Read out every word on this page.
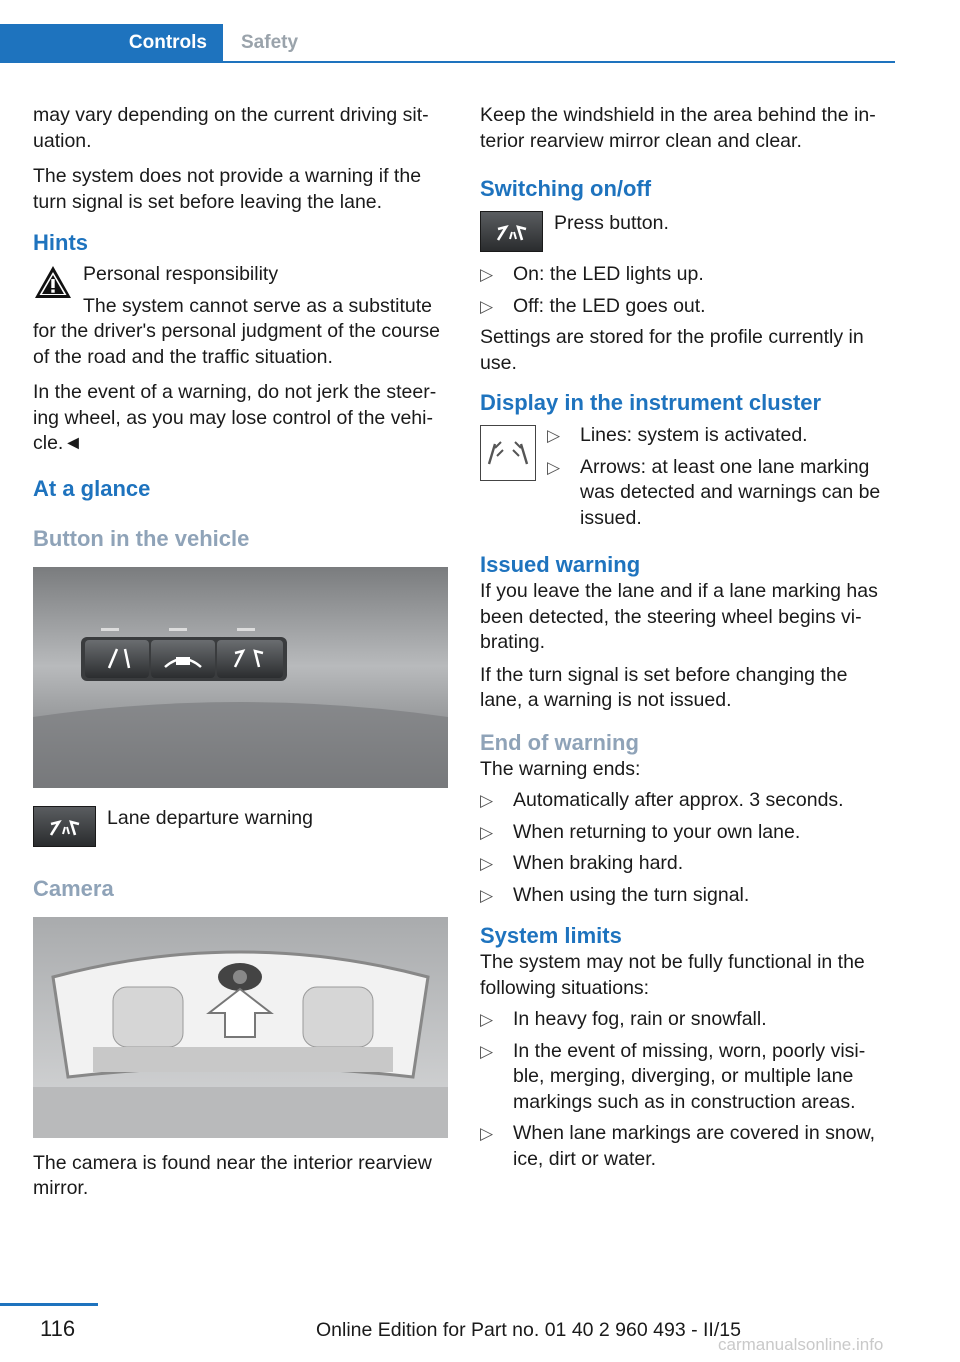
Controls	Safety

may vary depending on the current driving sit‐ uation.

The system does not provide a warning if the turn signal is set before leaving the lane.

Hints
Personal responsibility
The system cannot serve as a substitute
for the driver's personal judgment of the course of the road and the traffic situation.

In the event of a warning, do not jerk the steer‐ ing wheel, as you may lose control of the vehi‐ cle.◄

At a glance
Button in the vehicle
Lane departure warning
Camera

The camera is found near the interior rearview mirror.

Keep the windshield in the area behind the in‐ terior rearview mirror clean and clear.

Switching on/off
Press button.
▷ On: the LED lights up.
▷ Off: the LED goes out.

Settings are stored for the profile currently in use.

Display in the instrument cluster
▷ Lines: system is activated.
▷ Arrows: at least one lane marking was detected and warnings can be issued.
Issued warning

If you leave the lane and if a lane marking has been detected, the steering wheel begins vi‐ brating.

If the turn signal is set before changing the lane, a warning is not issued.

End of warning

The warning ends:

▷ Automatically after approx. 3 seconds.
▷ When returning to your own lane.
▷ When braking hard.
▷ When using the turn signal.
System limits

The system may not be fully functional in the following situations:

▷ In heavy fog, rain or snowfall.
▷ In the event of missing, worn, poorly visi‐ ble, merging, diverging, or multiple lane markings such as in construction areas.
▷ When lane markings are covered in snow, ice, dirt or water.
116	Online Edition for Part no. 01 40 2 960 493 - II/15
carmanualsonline.info
